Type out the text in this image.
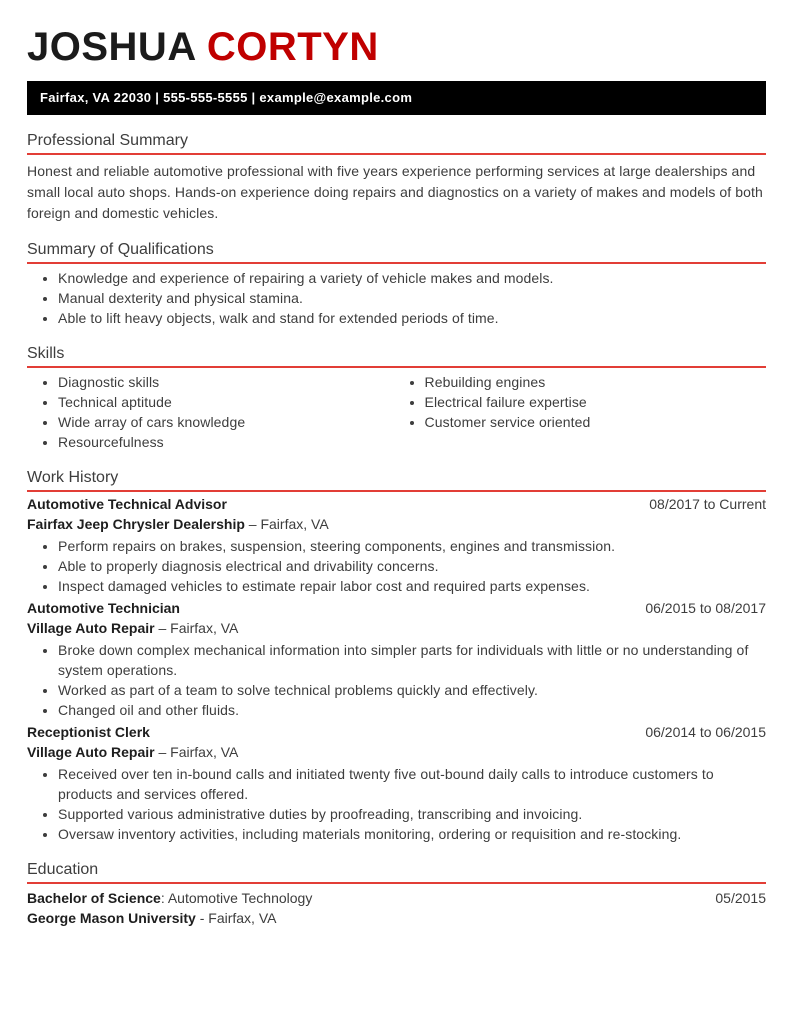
JOSHUA CORTYN
Fairfax, VA 22030 | 555-555-5555 | example@example.com
Professional Summary
Honest and reliable automotive professional with five years experience performing services at large dealerships and small local auto shops. Hands-on experience doing repairs and diagnostics on a variety of makes and models of both foreign and domestic vehicles.
Summary of Qualifications
• Knowledge and experience of repairing a variety of vehicle makes and models.
• Manual dexterity and physical stamina.
• Able to lift heavy objects, walk and stand for extended periods of time.
Skills
• Diagnostic skills
• Technical aptitude
• Wide array of cars knowledge
• Resourcefulness
• Rebuilding engines
• Electrical failure expertise
• Customer service oriented
Work History
Automotive Technical Advisor	08/2017 to Current
Fairfax Jeep Chrysler Dealership – Fairfax, VA
• Perform repairs on brakes, suspension, steering components, engines and transmission.
• Able to properly diagnosis electrical and drivability concerns.
• Inspect damaged vehicles to estimate repair labor cost and required parts expenses.
Automotive Technician	06/2015 to 08/2017
Village Auto Repair – Fairfax, VA
• Broke down complex mechanical information into simpler parts for individuals with little or no understanding of system operations.
• Worked as part of a team to solve technical problems quickly and effectively.
• Changed oil and other fluids.
Receptionist Clerk	06/2014 to 06/2015
Village Auto Repair – Fairfax, VA
• Received over ten in-bound calls and initiated twenty five out-bound daily calls to introduce customers to products and services offered.
• Supported various administrative duties by proofreading, transcribing and invoicing.
• Oversaw inventory activities, including materials monitoring, ordering or requisition and re-stocking.
Education
Bachelor of Science: Automotive Technology	05/2015
George Mason University - Fairfax, VA
